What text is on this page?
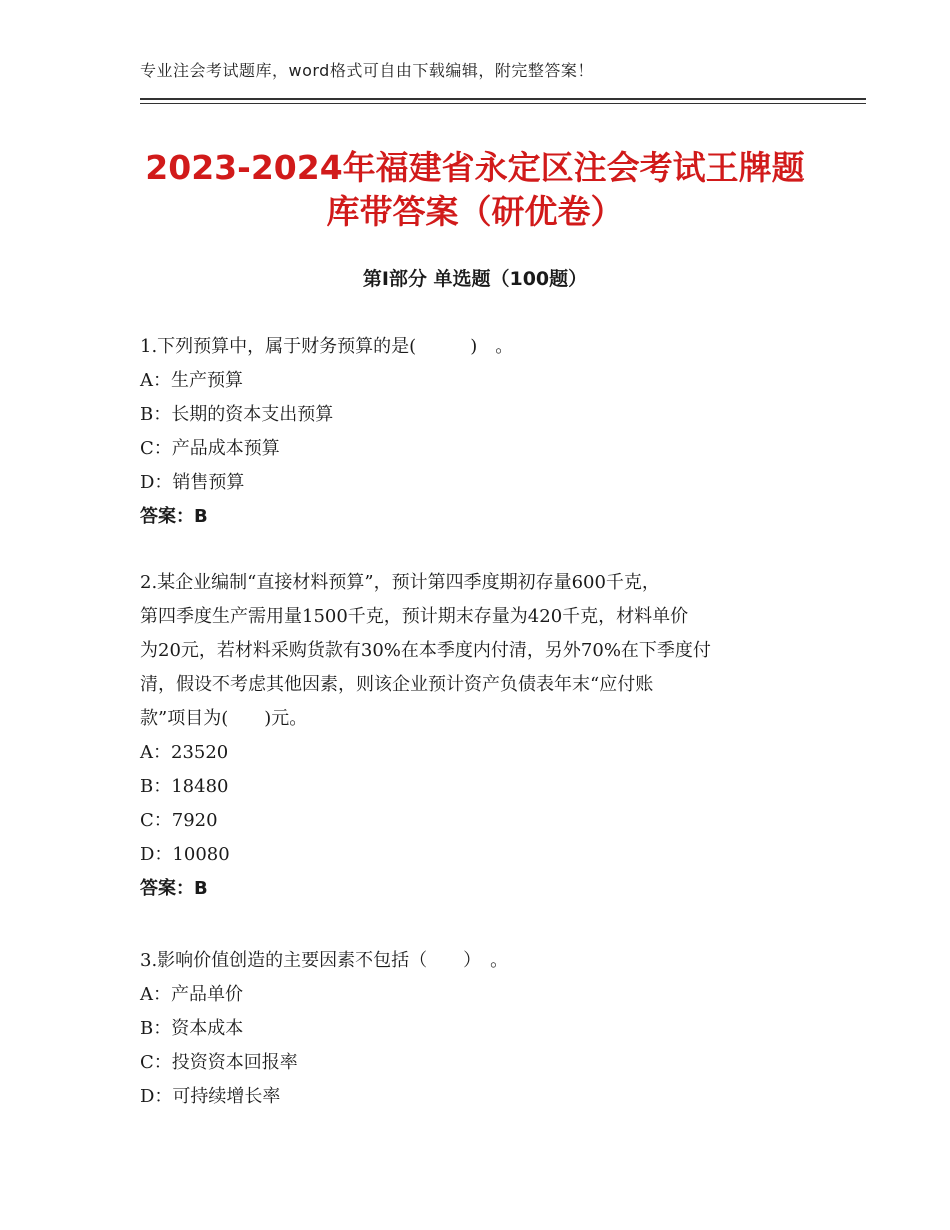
专业注会考试题库，word格式可自由下载编辑，附完整答案！
2023-2024年福建省永定区注会考试王牌题
库带答案（研优卷）
第Ⅰ部分 单选题（100题）
1.下列预算中，属于财务预算的是(　　　)　。
A：生产预算
B：长期的资本支出预算
C：产品成本预算
D：销售预算
答案：B
2.某企业编制“直接材料预算”，预计第四季度期初存量600千克，
第四季度生产需用量1500千克，预计期末存量为420千克，材料单价
为20元，若材料采购货款有30%在本季度内付清，另外70%在下季度付
清，假设不考虑其他因素，则该企业预计资产负债表年末“应付账
款”项目为(　　)元。
A：23520
B：18480
C：7920
D：10080
答案：B
3.影响价值创造的主要因素不包括（　　）　。
A：产品单价
B：资本成本
C：投资资本回报率
D：可持续增长率
